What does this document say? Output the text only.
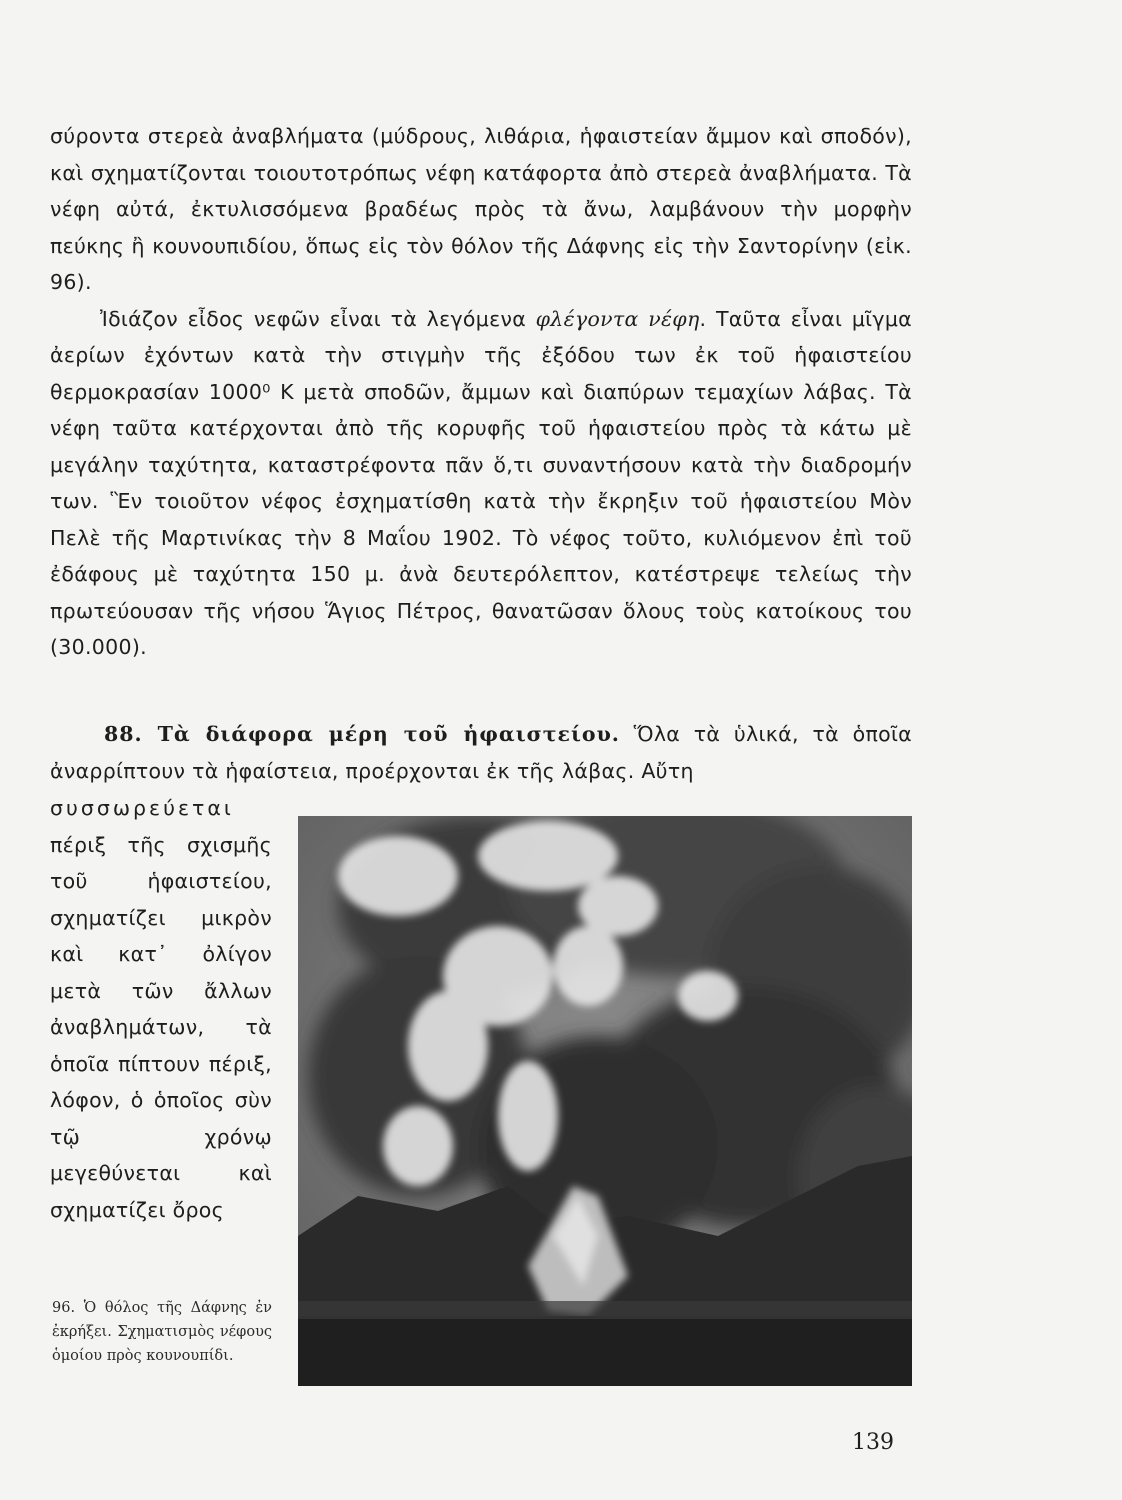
σύροντα στερεὰ ἀναβλήματα (μύδρους, λιθάρια, ἡφαιστείαν ἄμμον καὶ σποδόν), καὶ σχηματίζονται τοιουτοτρόπως νέφη κατάφορτα ἀπὸ στερεὰ ἀναβλήματα. Τὰ νέφη αὐτά, ἐκτυλισσόμενα βραδέως πρὸς τὰ ἄνω, λαμβάνουν τὴν μορφὴν πεύκης ἢ κουνουπιδίου, ὅπως εἰς τὸν θόλον τῆς Δάφνης εἰς τὴν Σαντορίνην (εἰκ. 96).

Ἰδιάζον εἶδος νεφῶν εἶναι τὰ λεγόμενα φλέγοντα νέφη. Ταῦτα εἶναι μῖγμα ἀερίων ἐχόντων κατὰ τὴν στιγμὴν τῆς ἐξόδου των ἐκ τοῦ ἡφαιστείου θερμοκρασίαν 1000⁰ Κ μετὰ σποδῶν, ἄμμων καὶ διαπύρων τεμαχίων λάβας. Τὰ νέφη ταῦτα κατέρχονται ἀπὸ τῆς κορυφῆς τοῦ ἡφαιστείου πρὸς τὰ κάτω μὲ μεγάλην ταχύτητα, καταστρέφοντα πᾶν ὅ,τι συναντήσουν κατὰ τὴν διαδρομήν των. Ἓν τοιοῦτον νέφος ἐσχηματίσθη κατὰ τὴν ἔκρηξιν τοῦ ἡφαιστείου Μὸν Πελὲ τῆς Μαρτινίκας τὴν 8 Μαΐου 1902. Τὸ νέφος τοῦτο, κυλιόμενον ἐπὶ τοῦ ἐδάφους μὲ ταχύτητα 150 μ. ἀνὰ δευτερόλεπτον, κατέστρεψε τελείως τὴν πρωτεύουσαν τῆς νήσου Ἅγιος Πέτρος, θανατῶσαν ὅλους τοὺς κατοίκους του (30.000).

88. Τὰ διάφορα μέρη τοῦ ἡφαιστείου. Ὅλα τὰ ὑλικά, τὰ ὁποῖα ἀναρρίπτουν τὰ ἡφαίστεια, προέρχονται ἐκ τῆς λάβας. Αὔτη

συσσωρεύεται

πέριξ τῆς σχισμῆς τοῦ ἡφαιστείου, σχηματίζει μικρὸν καὶ κατ᾽ ὀλίγον μετὰ τῶν ἄλλων ἀναβλημάτων, τὰ ὁποῖα πίπτουν πέριξ, λόφον, ὁ ὁποῖος σὺν τῷ χρόνῳ μεγεθύνεται καὶ σχηματίζει ὄρος

96. Ὁ θόλος τῆς Δάφνης ἐν ἐκρήξει. Σχηματισμὸς νέφους ὁμοίου πρὸς κουνουπίδι.
139
